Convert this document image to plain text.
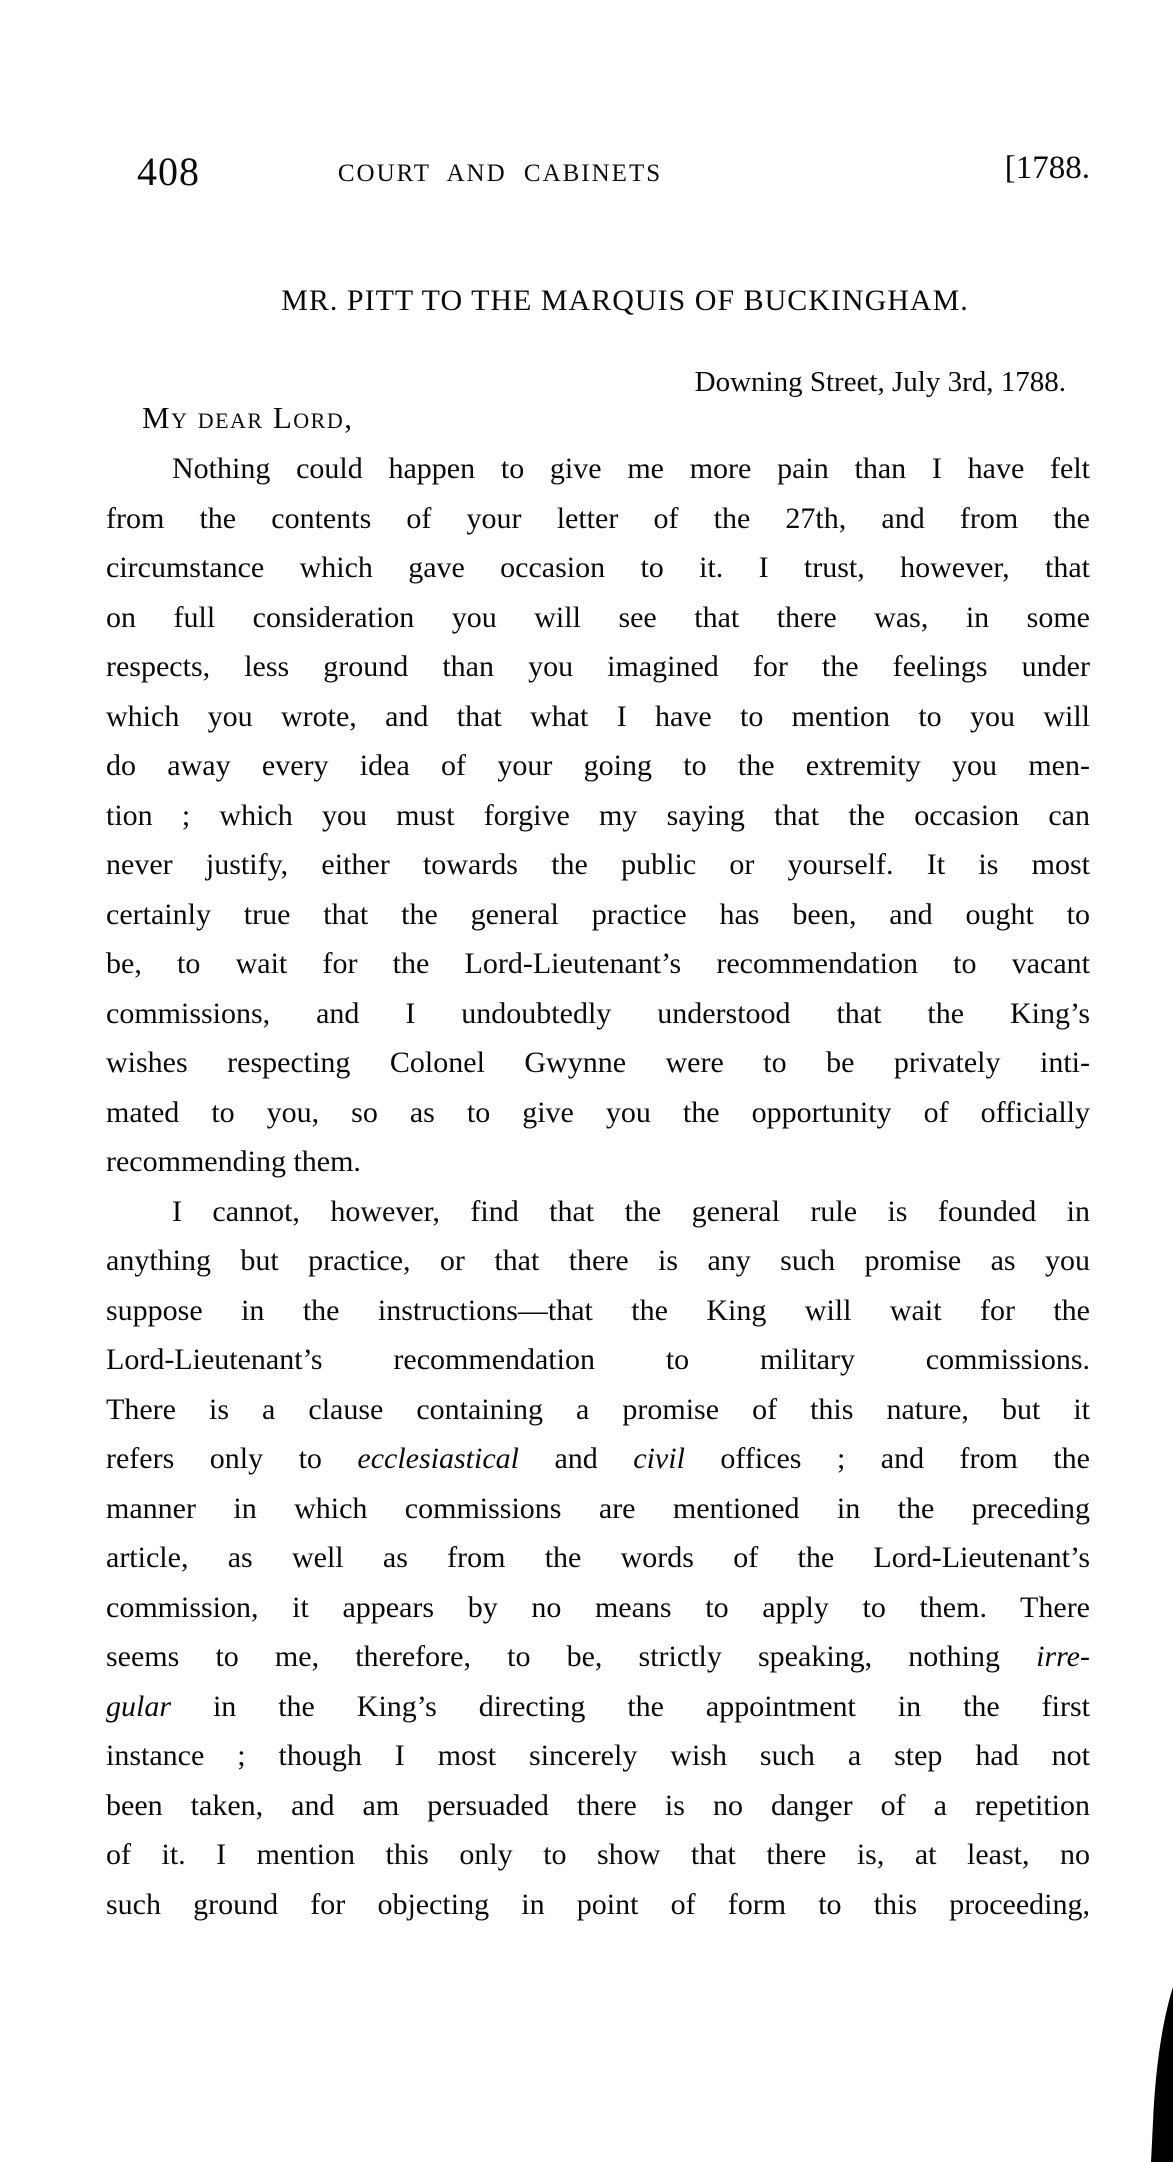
408	COURT AND CABINETS	[1788.
MR. PITT TO THE MARQUIS OF BUCKINGHAM.
Downing Street, July 3rd, 1788.
My dear Lord,
Nothing could happen to give me more pain than I have felt
from the contents of your letter of the 27th, and from the
circumstance which gave occasion to it. I trust, however, that
on full consideration you will see that there was, in some
respects, less ground than you imagined for the feelings under
which you wrote, and that what I have to mention to you will
do away every idea of your going to the extremity you men-
tion ; which you must forgive my saying that the occasion can
never justify, either towards the public or yourself. It is most
certainly true that the general practice has been, and ought to
be, to wait for the Lord-Lieutenant’s recommendation to vacant
commissions, and I undoubtedly understood that the King’s
wishes respecting Colonel Gwynne were to be privately inti-
mated to you, so as to give you the opportunity of officially
recommending them.
I cannot, however, find that the general rule is founded in
anything but practice, or that there is any such promise as you
suppose in the instructions—that the King will wait for the
Lord-Lieutenant’s recommendation to military commissions.
There is a clause containing a promise of this nature, but it
refers only to ecclesiastical and civil offices ; and from the
manner in which commissions are mentioned in the preceding
article, as well as from the words of the Lord-Lieutenant’s
commission, it appears by no means to apply to them. There
seems to me, therefore, to be, strictly speaking, nothing irre-
gular in the King’s directing the appointment in the first
instance ; though I most sincerely wish such a step had not
been taken, and am persuaded there is no danger of a repetition
of it. I mention this only to show that there is, at least, no
such ground for objecting in point of form to this proceeding,
